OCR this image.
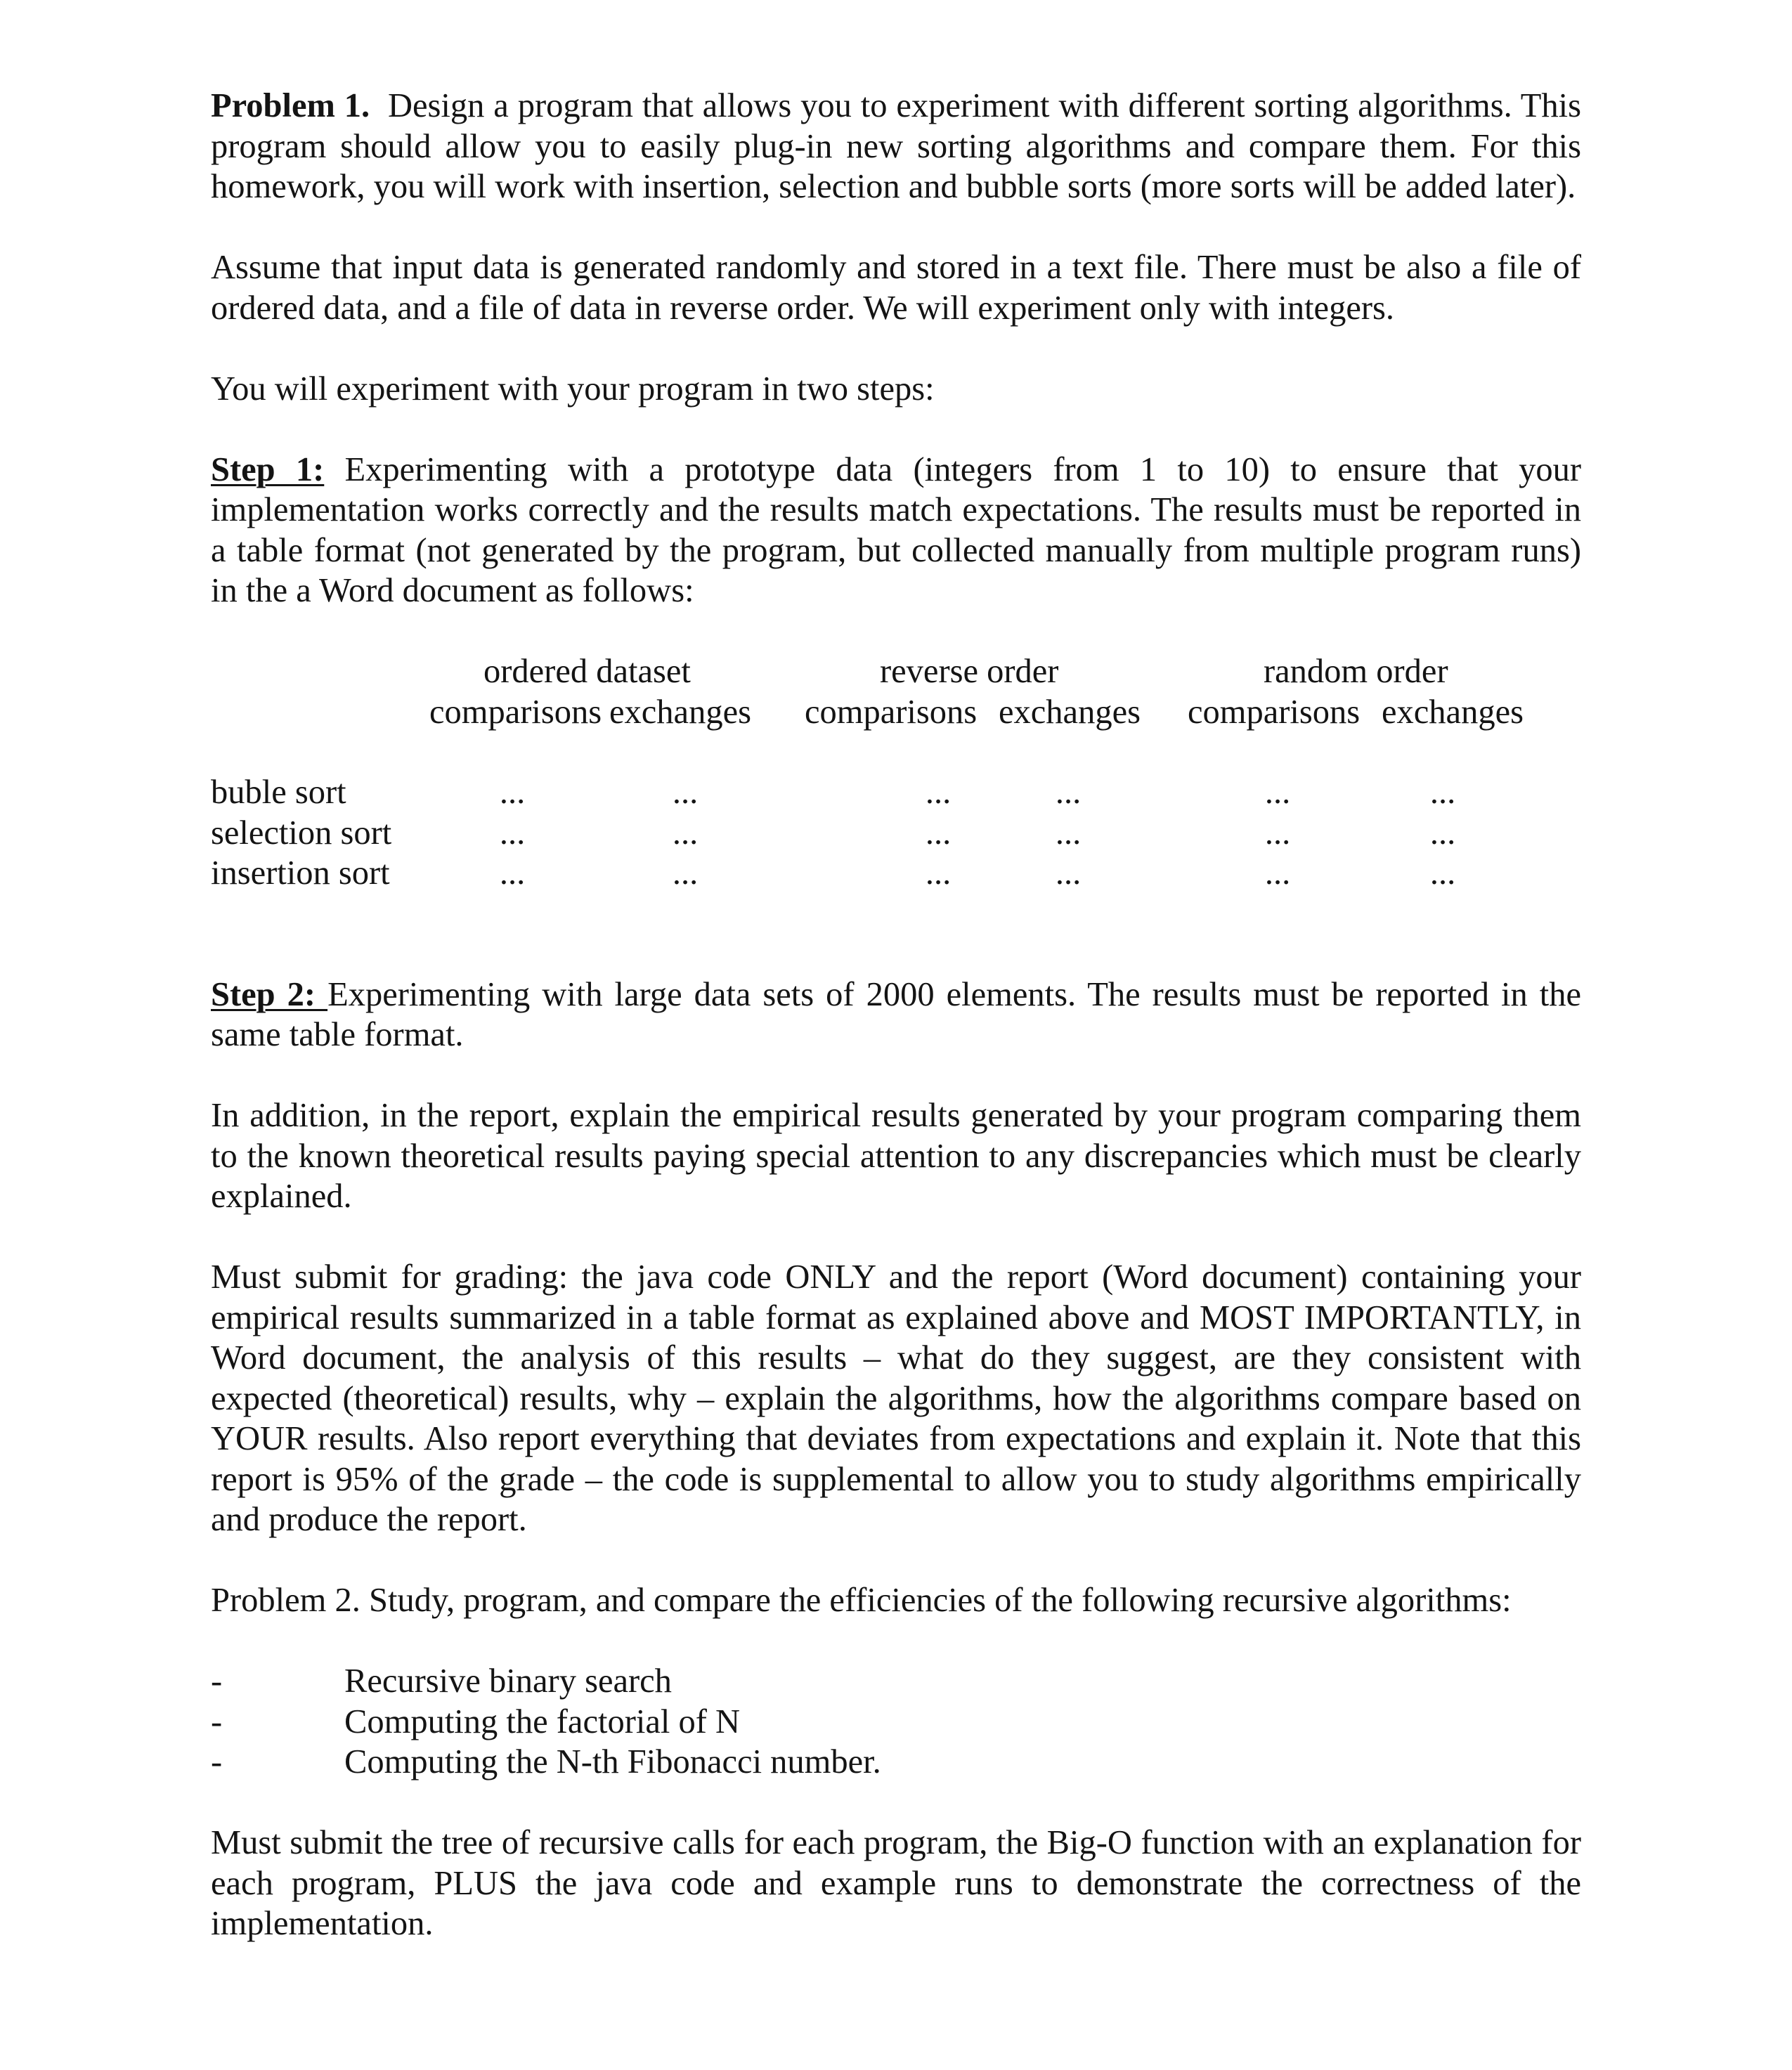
Problem 1. Design a program that allows you to experiment with different sorting algorithms. This program should allow you to easily plug-in new sorting algorithms and compare them. For this homework, you will work with insertion, selection and bubble sorts (more sorts will be added later).

Assume that input data is generated randomly and stored in a text file. There must be also a file of ordered data, and a file of data in reverse order. We will experiment only with integers.

You will experiment with your program in two steps:

Step 1: Experimenting with a prototype data (integers from 1 to 10) to ensure that your implementation works correctly and the results match expectations. The results must be reported in a table format (not generated by the program, but collected manually from multiple program runs) in the a Word document as follows:

ordered dataset	reverse order	random order
comparisons exchanges comparisons exchanges comparisons exchanges
buble sort	...	...	...	...	...	...
selection sort	...	...	...	...	...	...
insertion sort	...	...	...	...	...	...

Step 2: Experimenting with large data sets of 2000 elements. The results must be reported in the same table format.

In addition, in the report, explain the empirical results generated by your program comparing them to the known theoretical results paying special attention to any discrepancies which must be clearly explained.

Must submit for grading: the java code ONLY and the report (Word document) containing your empirical results summarized in a table format as explained above and MOST IMPORTANTLY, in Word document, the analysis of this results – what do they suggest, are they consistent with expected (theoretical) results, why – explain the algorithms, how the algorithms compare based on YOUR results. Also report everything that deviates from expectations and explain it. Note that this report is 95% of the grade – the code is supplemental to allow you to study algorithms empirically and produce the report.

Problem 2. Study, program, and compare the efficiencies of the following recursive algorithms:

-	Recursive binary search
-	Computing the factorial of N
-	Computing the N-th Fibonacci number.

Must submit the tree of recursive calls for each program, the Big-O function with an explanation for each program, PLUS the java code and example runs to demonstrate the correctness of the implementation.
